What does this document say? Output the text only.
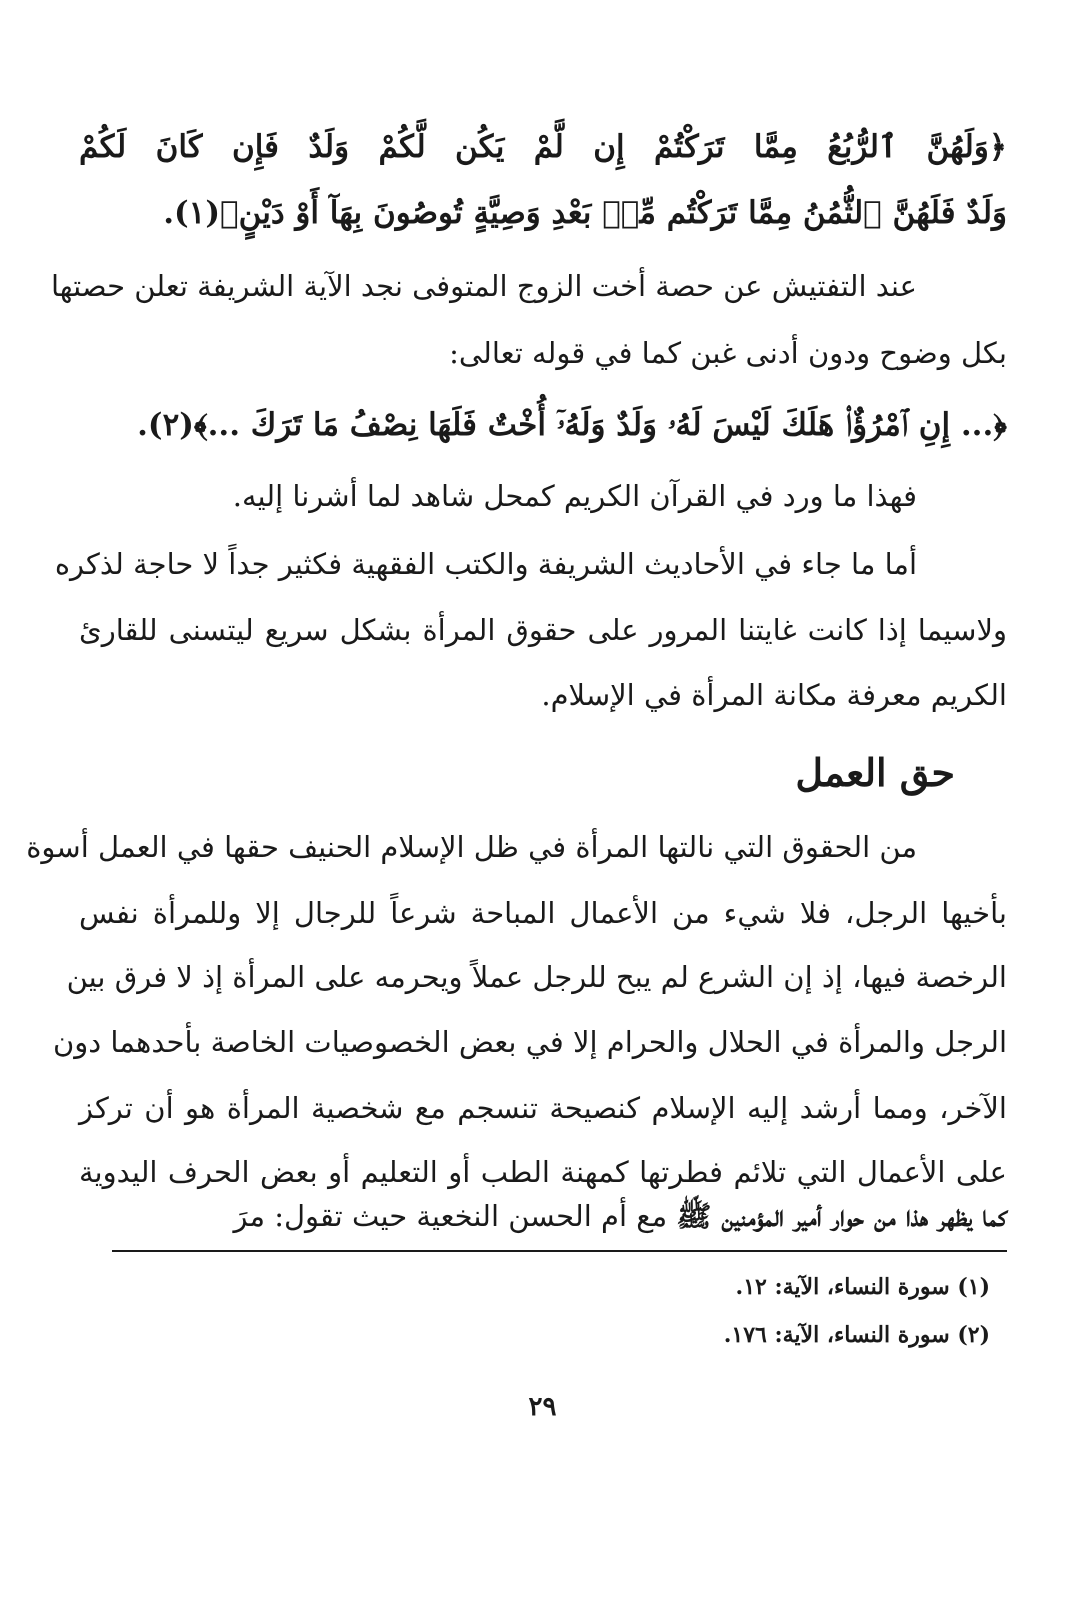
﴿وَلَهُنَّ ٱلرُّبُعُ مِمَّا تَرَكْتُمْ إِن لَّمْ يَكُن لَّكُمْ وَلَدٌ فَإِن كَانَ لَكُمْ
وَلَدٌ فَلَهُنَّ ٱلثُّمُنُ مِمَّا تَرَكْتُم مِّنۢ بَعْدِ وَصِيَّةٍ تُوصُونَ بِهَآ أَوْ دَيْنٍ﴾(١).
عند التفتيش عن حصة أخت الزوج المتوفى نجد الآية الشريفة تعلن حصتها
بكل وضوح ودون أدنى غبن كما في قوله تعالى:
﴿... إِنِ ٱمْرُؤٌا۟ هَلَكَ لَيْسَ لَهُۥ وَلَدٌ وَلَهُۥٓ أُخْتٌ فَلَهَا نِصْفُ مَا تَرَكَ ...﴾(٢).
فهذا ما ورد في القرآن الكريم كمحل شاهد لما أشرنا إليه.
أما ما جاء في الأحاديث الشريفة والكتب الفقهية فكثير جداً لا حاجة لذكره
ولاسيما إذا كانت غايتنا المرور على حقوق المرأة بشكل سريع ليتسنى للقارئ
الكريم معرفة مكانة المرأة في الإسلام.
حق العمل
من الحقوق التي نالتها المرأة في ظل الإسلام الحنيف حقها في العمل أسوة
بأخيها الرجل، فلا شيء من الأعمال المباحة شرعاً للرجال إلا وللمرأة نفس
الرخصة فيها، إذ إن الشرع لم يبح للرجل عملاً ويحرمه على المرأة إذ لا فرق بين
الرجل والمرأة في الحلال والحرام إلا في بعض الخصوصيات الخاصة بأحدهما دون
الآخر، ومما أرشد إليه الإسلام كنصيحة تنسجم مع شخصية المرأة هو أن تركز
على الأعمال التي تلائم فطرتها كمهنة الطب أو التعليم أو بعض الحرف اليدوية
كما يظهر هذا من حوار أمير المؤمنين ﷺ مع أم الحسن النخعية حيث تقول: مرَ
(١) سورة النساء، الآية: ١٢.
(٢) سورة النساء، الآية: ١٧٦.
٢٩
